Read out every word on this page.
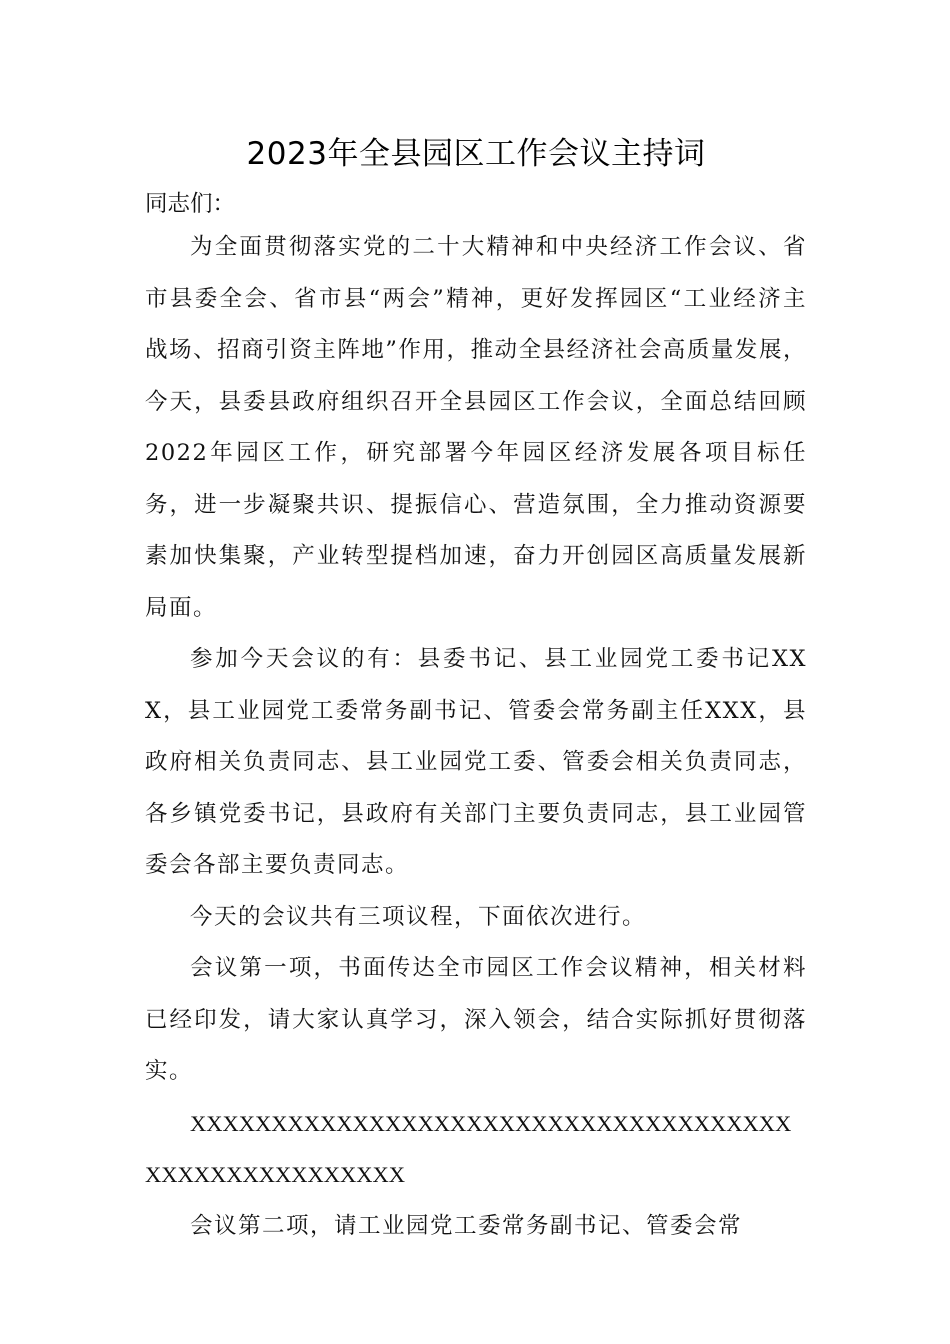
2023年全县园区工作会议主持词

同志们：

为全面贯彻落实党的二十大精神和中央经济工作会议、省市县委全会、省市县“两会”精神，更好发挥园区“工业经济主战场、招商引资主阵地”作用，推动全县经济社会高质量发展，今天，县委县政府组织召开全县园区工作会议，全面总结回顾2022年园区工作，研究部署今年园区经济发展各项目标任务，进一步凝聚共识、提振信心、营造氛围，全力推动资源要素加快集聚，产业转型提档加速，奋力开创园区高质量发展新局面。

参加今天会议的有：县委书记、县工业园党工委书记XXX，县工业园党工委常务副书记、管委会常务副主任XXX，县政府相关负责同志、县工业园党工委、管委会相关负责同志，各乡镇党委书记，县政府有关部门主要负责同志，县工业园管委会各部主要负责同志。

今天的会议共有三项议程，下面依次进行。

会议第一项，书面传达全市园区工作会议精神，相关材料已经印发，请大家认真学习，深入领会，结合实际抓好贯彻落实。

XXXXXXXXXXXXXXXXXXXXXXXXXXXXXXXXXXXXXXXXXXXXXXXXXXXXX

会议第二项，请工业园党工委常务副书记、管委会常
